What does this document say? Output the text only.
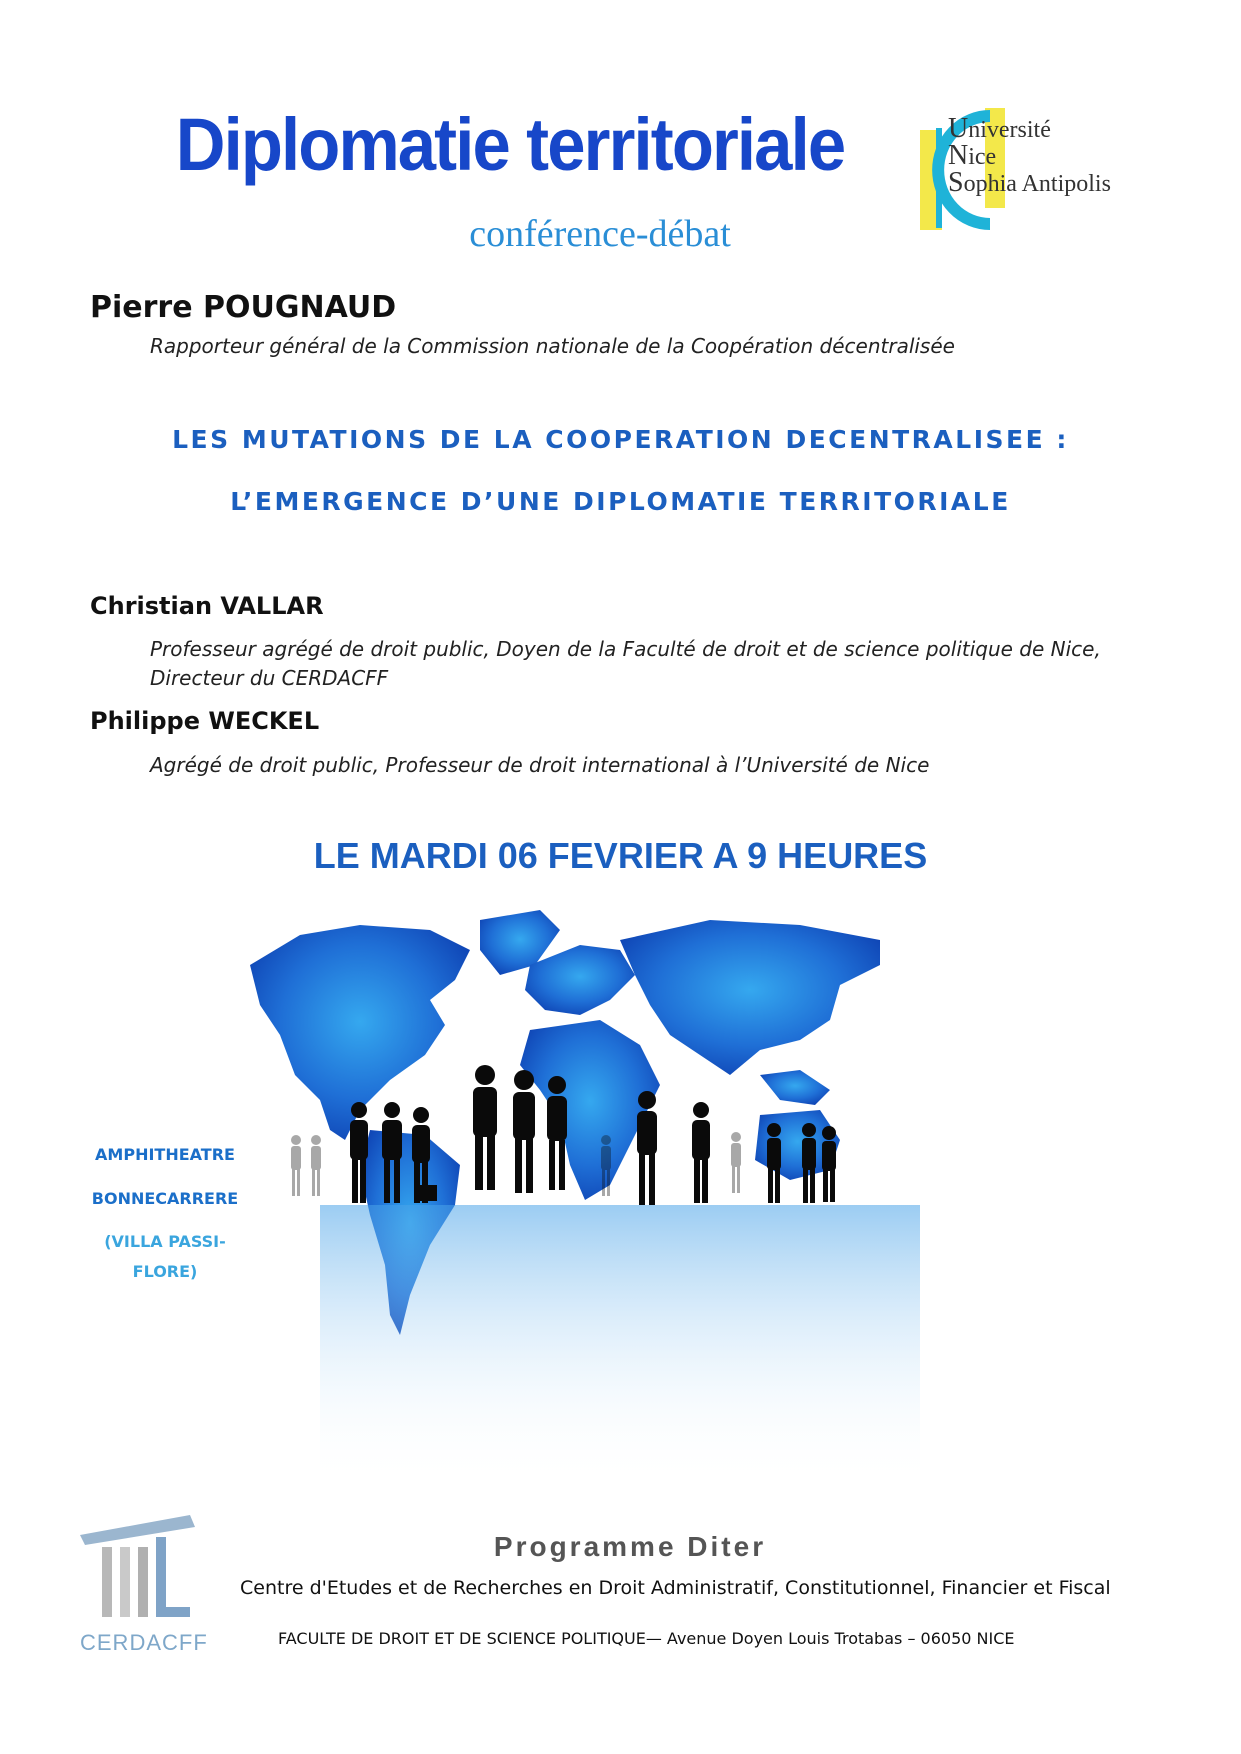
Diplomatie territoriale
conférence-débat
Université
Nice
Sophia Antipolis
Pierre POUGNAUD
Rapporteur général de la Commission nationale de la Coopération décentralisée
LES MUTATIONS DE LA COOPERATION DECENTRALISEE :
L’EMERGENCE D’UNE DIPLOMATIE TERRITORIALE
Christian VALLAR
Professeur agrégé de droit public, Doyen de la Faculté de droit et de science politique de Nice,
Directeur du CERDACFF
Philippe WECKEL
Agrégé de droit public, Professeur de droit international à l’Université de Nice
LE MARDI 06 FEVRIER A 9 HEURES
AMPHITHEATRE
BONNECARRERE
(VILLA PASSI-
FLORE)
CERDACFF
Programme Diter
Centre d'Etudes et de Recherches en Droit Administratif, Constitutionnel, Financier et Fiscal
FACULTE DE DROIT ET DE SCIENCE POLITIQUE— Avenue Doyen Louis Trotabas – 06050 NICE
